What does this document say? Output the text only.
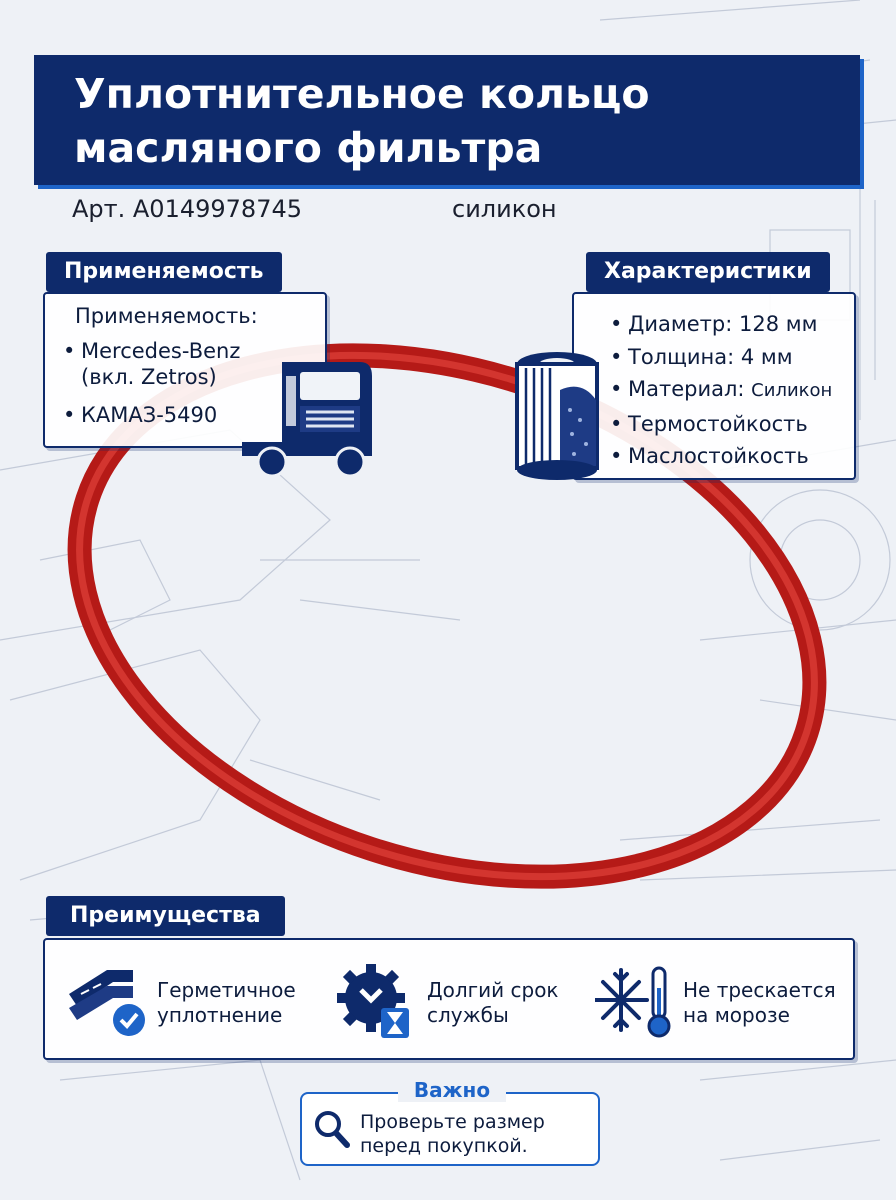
Уплотнительное кольцо масляного фильтра
Арт. A0149978745	силикон
Применяемость:
• Mercedes-Benz (вкл. Zetros)
• КАМАЗ-5490
Применяемость
• Диаметр: 128 мм
• Толщина: 4 мм
• Материал: Силикон
• Термостойкость
• Маслостойкость
Характеристики
Герметичное
уплотнение
Долгий срок
службы
Не трескается
на морозе
Преимущества
Проверьте размер
перед покупкой.
Важно
